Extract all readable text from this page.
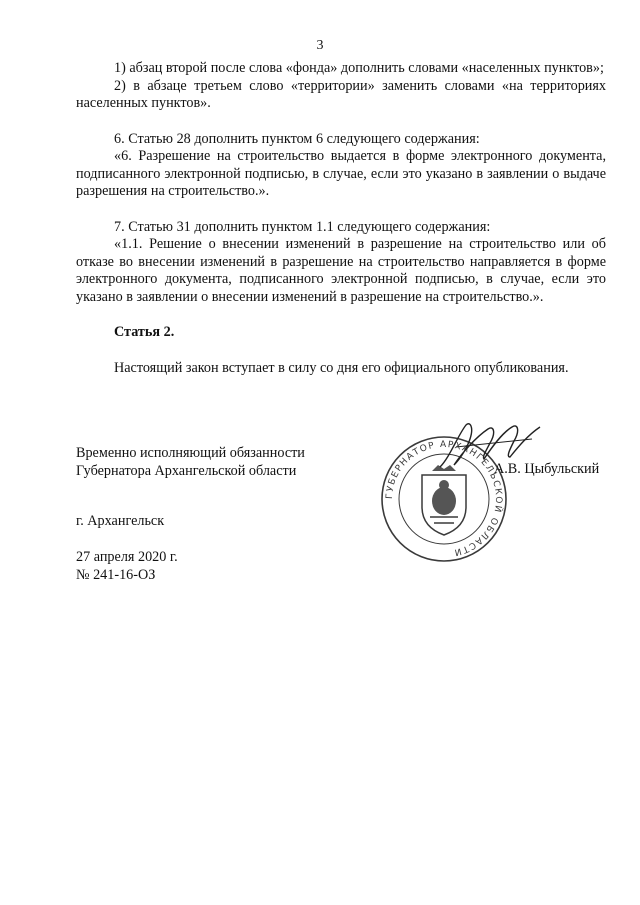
3

1) абзац второй после слова «фонда» дополнить словами «населенных пунктов»;

2) в абзаце третьем слово «территории» заменить словами «на территориях населенных пунктов».

6. Статью 28 дополнить пунктом 6 следующего содержания:

«6. Разрешение на строительство выдается в форме электронного документа, подписанного электронной подписью, в случае, если это указано в заявлении о выдаче разрешения на строительство.».

7. Статью 31 дополнить пунктом 1.1 следующего содержания:

«1.1. Решение о внесении изменений в разрешение на строительство или об отказе во внесении изменений в разрешение на строительство направляется в форме электронного документа, подписанного электронной подписью, в случае, если это указано в заявлении о внесении изменений в разрешение на строительство.».

Статья 2.

Настоящий закон вступает в силу со дня его официального опубликования.

Временно исполняющий обязанности
Губернатора Архангельской области
ГУБЕРНАТОР АРХАНГЕЛЬСКОЙ ОБЛАСТИ
А.В. Цыбульский
г. Архангельск
27 апреля 2020 г.
№ 241-16-ОЗ
